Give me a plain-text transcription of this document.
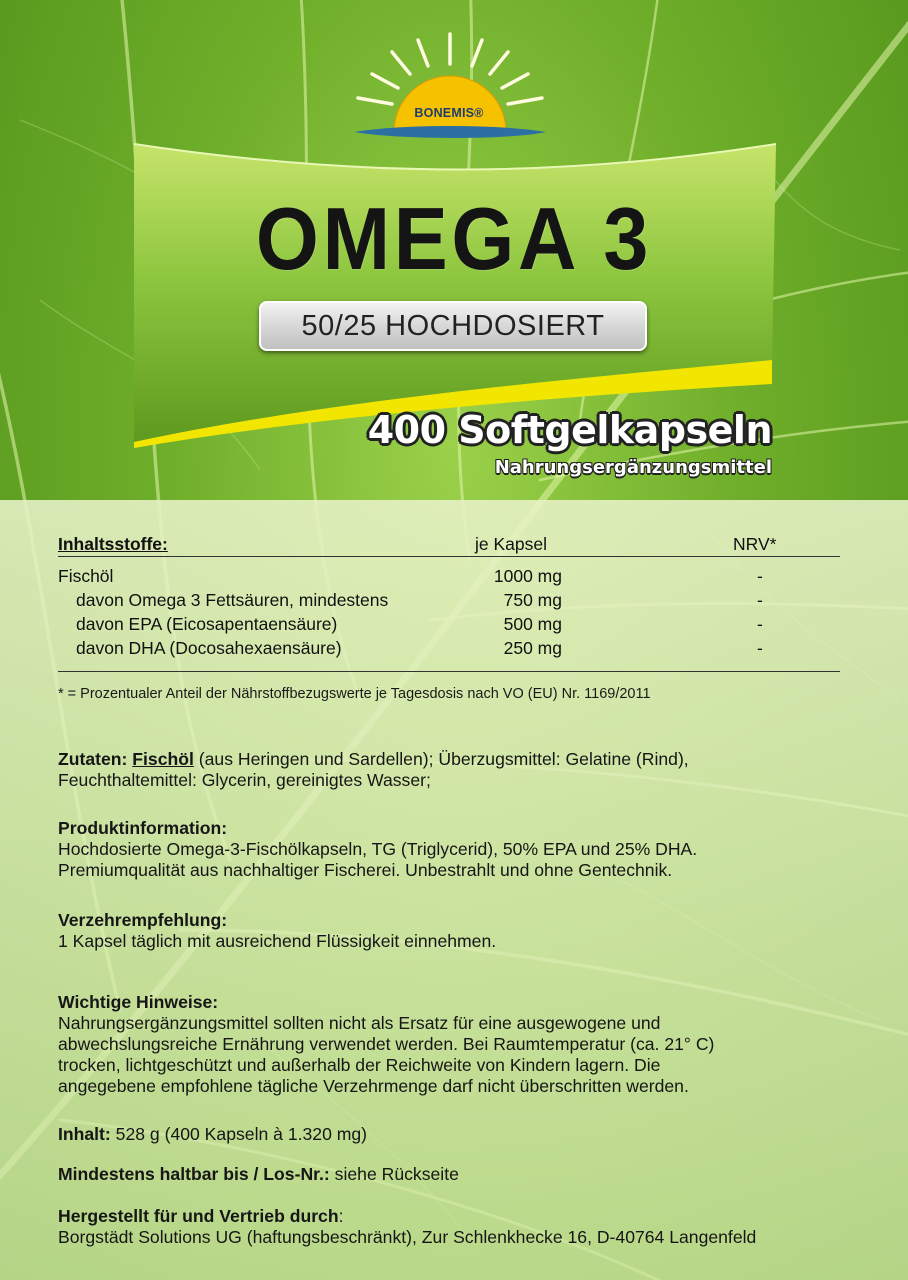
BONEMIS®
OMEGA 3
50/25 HOCHDOSIERT
400 Softgelkapseln
Nahrungsergänzungsmittel
Inhaltsstoffe:	je Kapsel	NRV*
Fischöl	1000 mg	-
davon Omega 3 Fettsäuren, mindestens	750 mg	-
davon EPA (Eicosapentaensäure)	500 mg	-
davon DHA (Docosahexaensäure)	250 mg	-
* = Prozentualer Anteil der Nährstoffbezugswerte je Tagesdosis nach VO (EU) Nr. 1169/2011
Zutaten: Fischöl (aus Heringen und Sardellen); Überzugsmittel: Gelatine (Rind),
Feuchthaltemittel: Glycerin, gereinigtes Wasser;
Produktinformation:
Hochdosierte Omega-3-Fischölkapseln, TG (Triglycerid), 50% EPA und 25% DHA.
Premiumqualität aus nachhaltiger Fischerei. Unbestrahlt und ohne Gentechnik.
Verzehrempfehlung:
1 Kapsel täglich mit ausreichend Flüssigkeit einnehmen.
Wichtige Hinweise:
Nahrungsergänzungsmittel sollten nicht als Ersatz für eine ausgewogene und
abwechslungsreiche Ernährung verwendet werden. Bei Raumtemperatur (ca. 21° C)
trocken, lichtgeschützt und außerhalb der Reichweite von Kindern lagern. Die
angegebene empfohlene tägliche Verzehrmenge darf nicht überschritten werden.
Inhalt: 528 g (400 Kapseln à 1.320 mg)
Mindestens haltbar bis / Los-Nr.: siehe Rückseite
Hergestellt für und Vertrieb durch:
Borgstädt Solutions UG (haftungsbeschränkt), Zur Schlenkhecke 16, D-40764 Langenfeld
